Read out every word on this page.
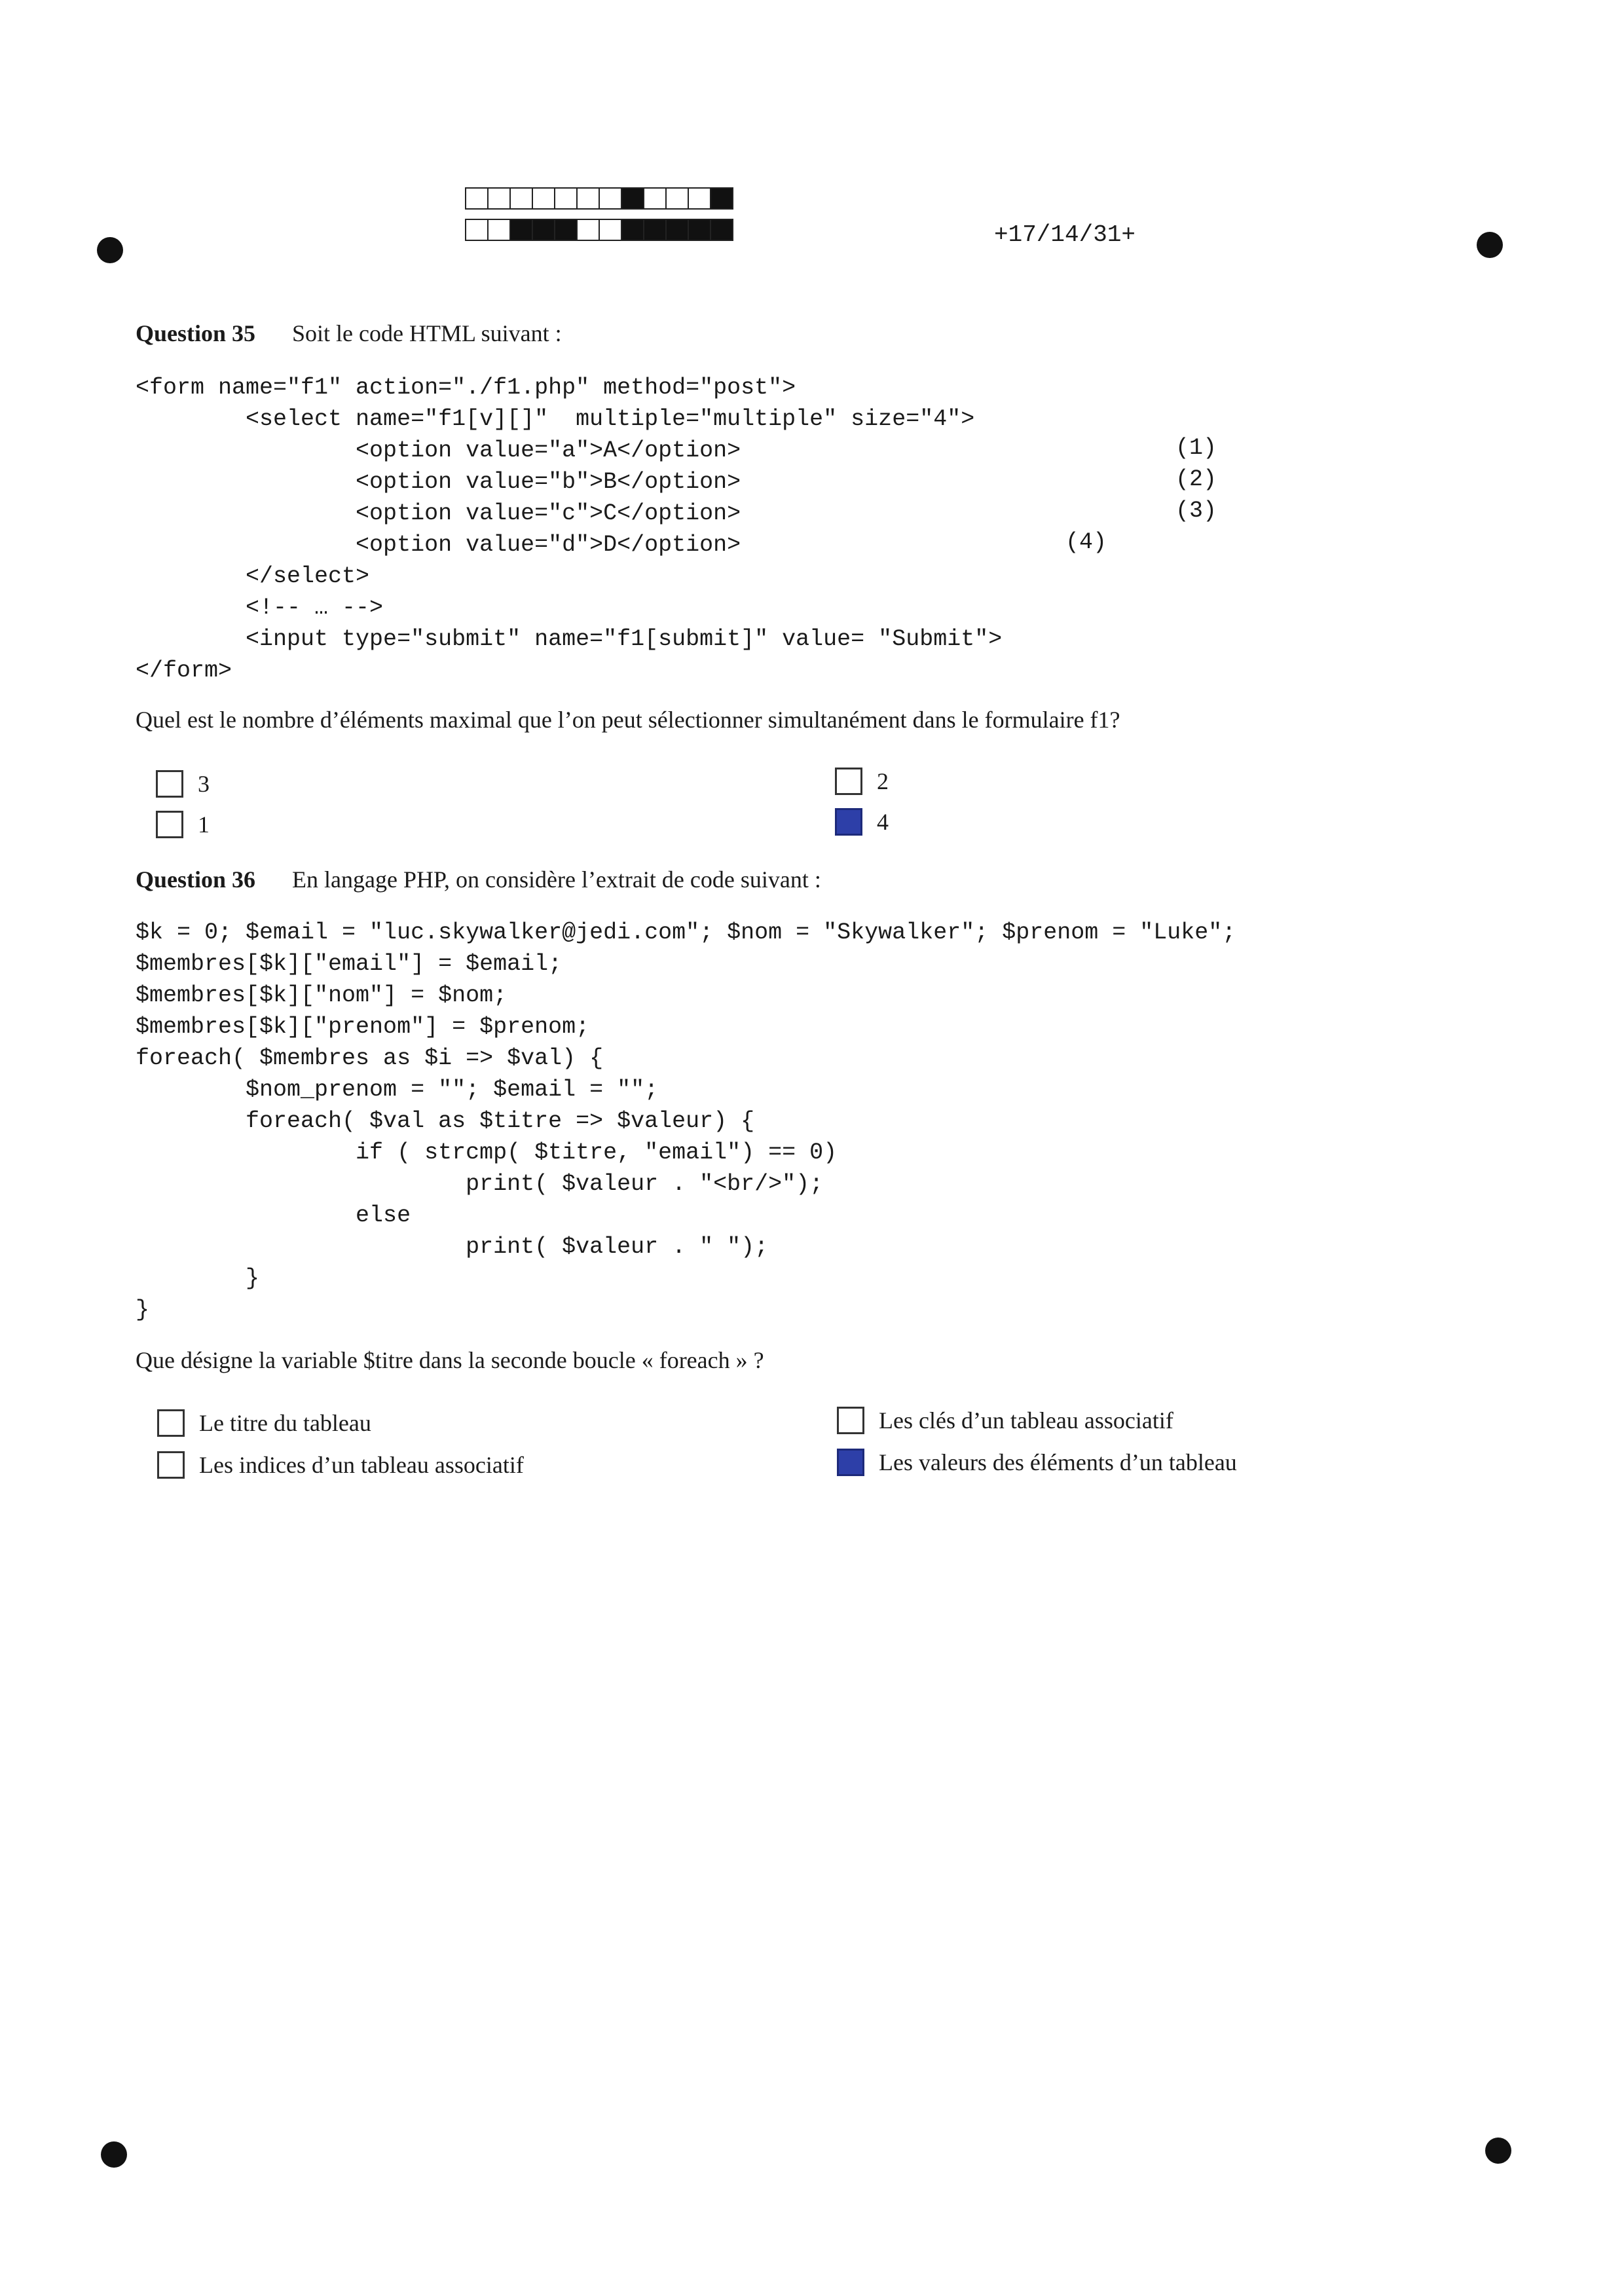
+17/14/31+
Question 35 Soit le code HTML suivant :
<form name="f1" action="./f1.php" method="post">
<select name="f1[v][]"  multiple="multiple" size="4">
<option value="a">A</option>
<option value="b">B</option>
<option value="c">C</option>
<option value="d">D</option>
</select>
<!-- … -->
<input type="submit" name="f1[submit]" value= "Submit">
</form>
(1)
(2)
(3)
(4)
Quel est le nombre d’éléments maximal que l’on peut sélectionner simultanément dans le formulaire f1?
3	2
1	4
Question 36 En langage PHP, on considère l’extrait de code suivant :
$k = 0; $email = "luc.skywalker@jedi.com"; $nom = "Skywalker"; $prenom = "Luke";
$membres[$k]["email"] = $email;
$membres[$k]["nom"] = $nom;
$membres[$k]["prenom"] = $prenom;
foreach( $membres as $i => $val) {
$nom_prenom = ""; $email = "";
foreach( $val as $titre => $valeur) {
if ( strcmp( $titre, "email") == 0)
print( $valeur . "<br/>");
else
print( $valeur . " ");
}
}
Que désigne la variable $titre dans la seconde boucle « foreach » ?
Le titre du tableau	Les clés d’un tableau associatif
Les indices d’un tableau associatif	Les valeurs des éléments d’un tableau
